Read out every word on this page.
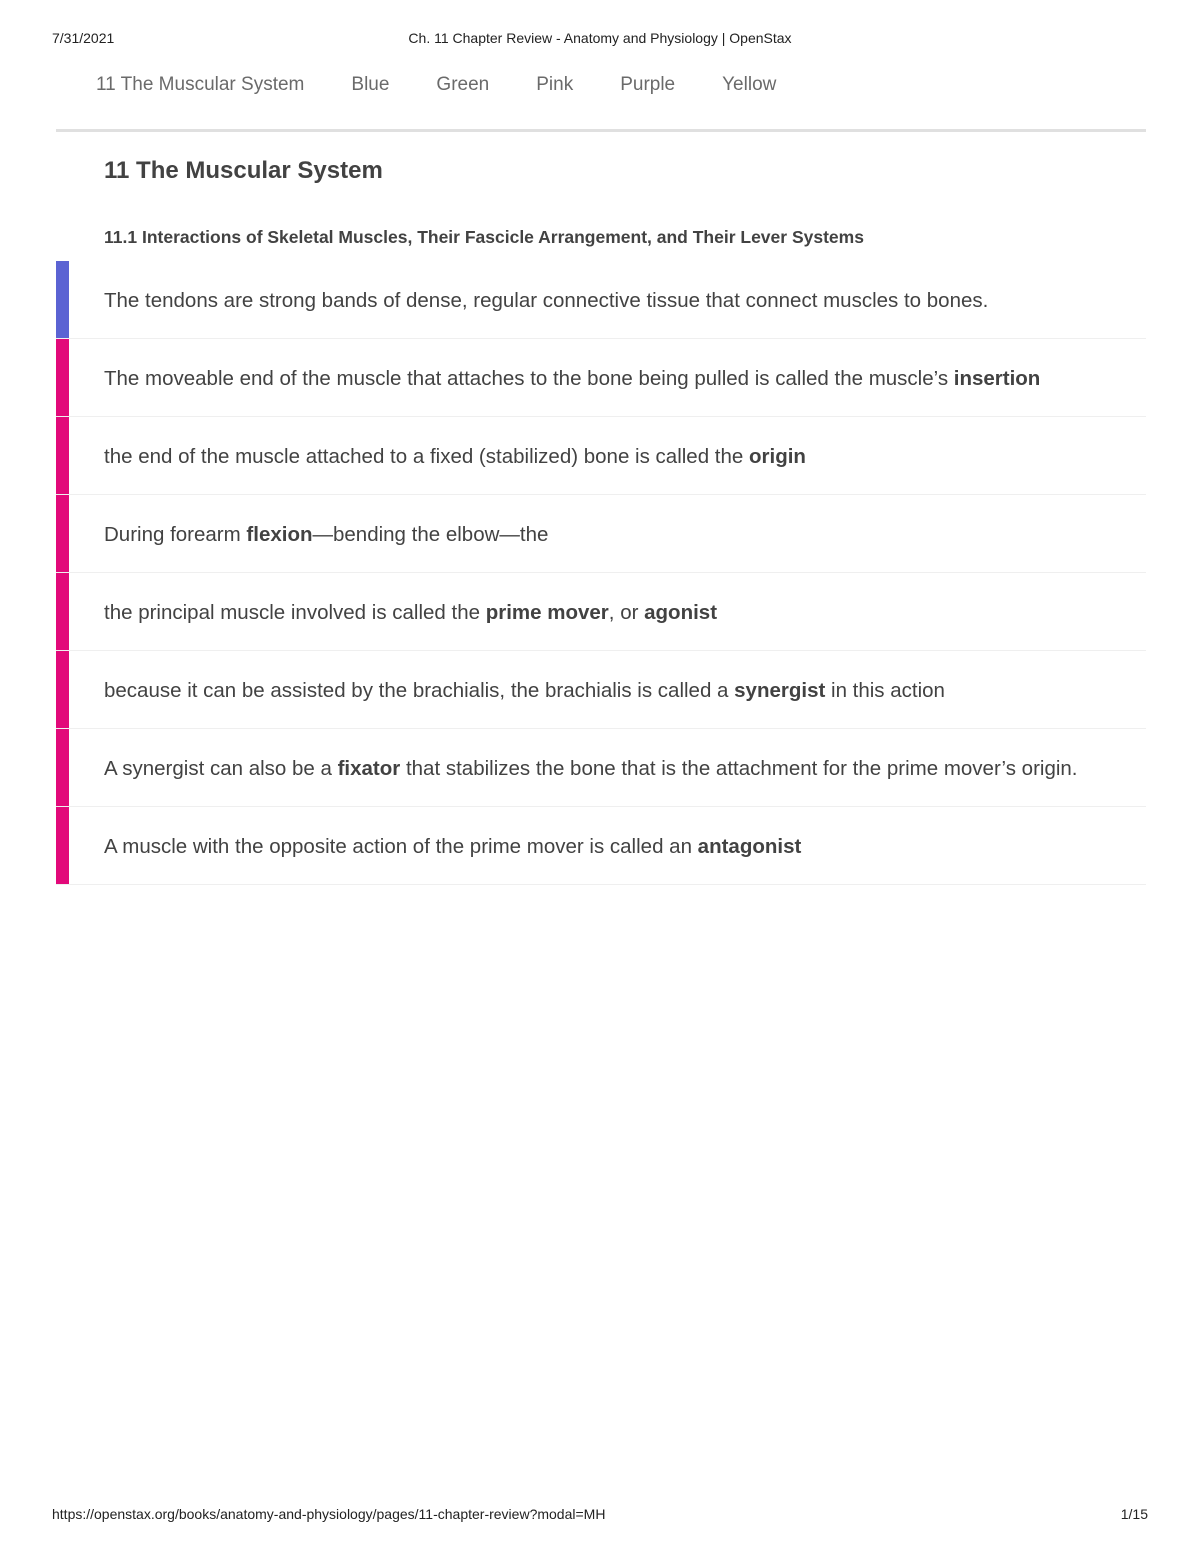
7/31/2021	Ch. 11 Chapter Review - Anatomy and Physiology | OpenStax
11 The Muscular System Blue Green Pink Purple Yellow
11 The Muscular System
11.1 Interactions of Skeletal Muscles, Their Fascicle Arrangement, and Their Lever Systems
The tendons are strong bands of dense, regular connective tissue that connect muscles to bones.
The moveable end of the muscle that attaches to the bone being pulled is called the muscle’s insertion
the end of the muscle attached to a fixed (stabilized) bone is called the origin
During forearm flexion—bending the elbow—the
the principal muscle involved is called the prime mover, or agonist
because it can be assisted by the brachialis, the brachialis is called a synergist in this action
A synergist can also be a fixator that stabilizes the bone that is the attachment for the prime mover’s origin.
A muscle with the opposite action of the prime mover is called an antagonist
https://openstax.org/books/anatomy-and-physiology/pages/11-chapter-review?modal=MH	1/15
